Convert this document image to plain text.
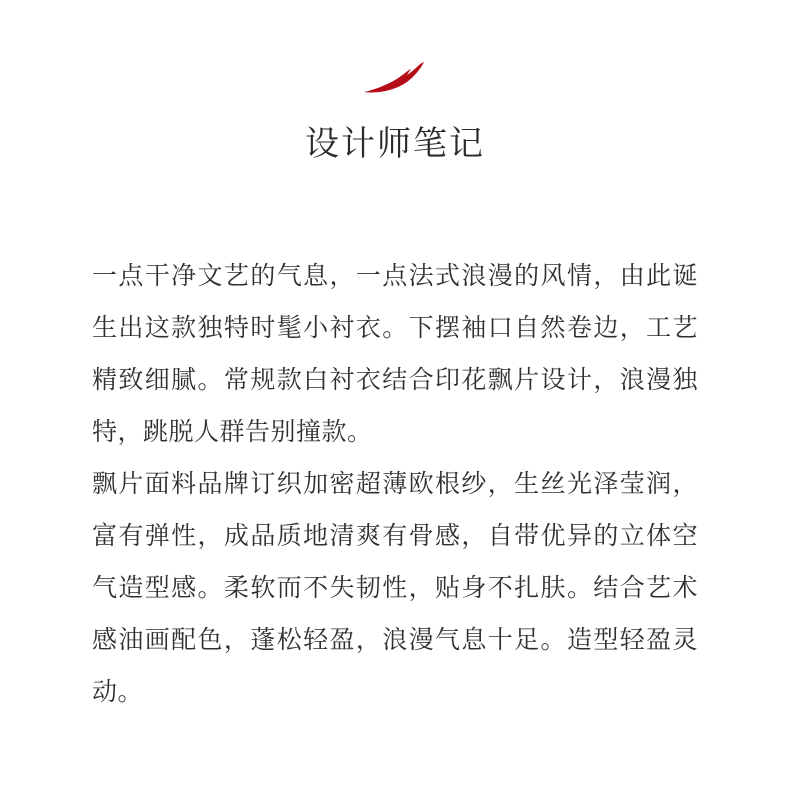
设计师笔记

一点干净文艺的气息，一点法式浪漫的风情，由此诞生出这款独特时髦小衬衣。下摆袖口自然卷边，工艺精致细腻。常规款白衬衣结合印花飘片设计，浪漫独特，跳脱人群告别撞款。

飘片面料品牌订织加密超薄欧根纱，生丝光泽莹润，富有弹性，成品质地清爽有骨感，自带优异的立体空气造型感。柔软而不失韧性，贴身不扎肤。结合艺术感油画配色，蓬松轻盈，浪漫气息十足。造型轻盈灵动。
